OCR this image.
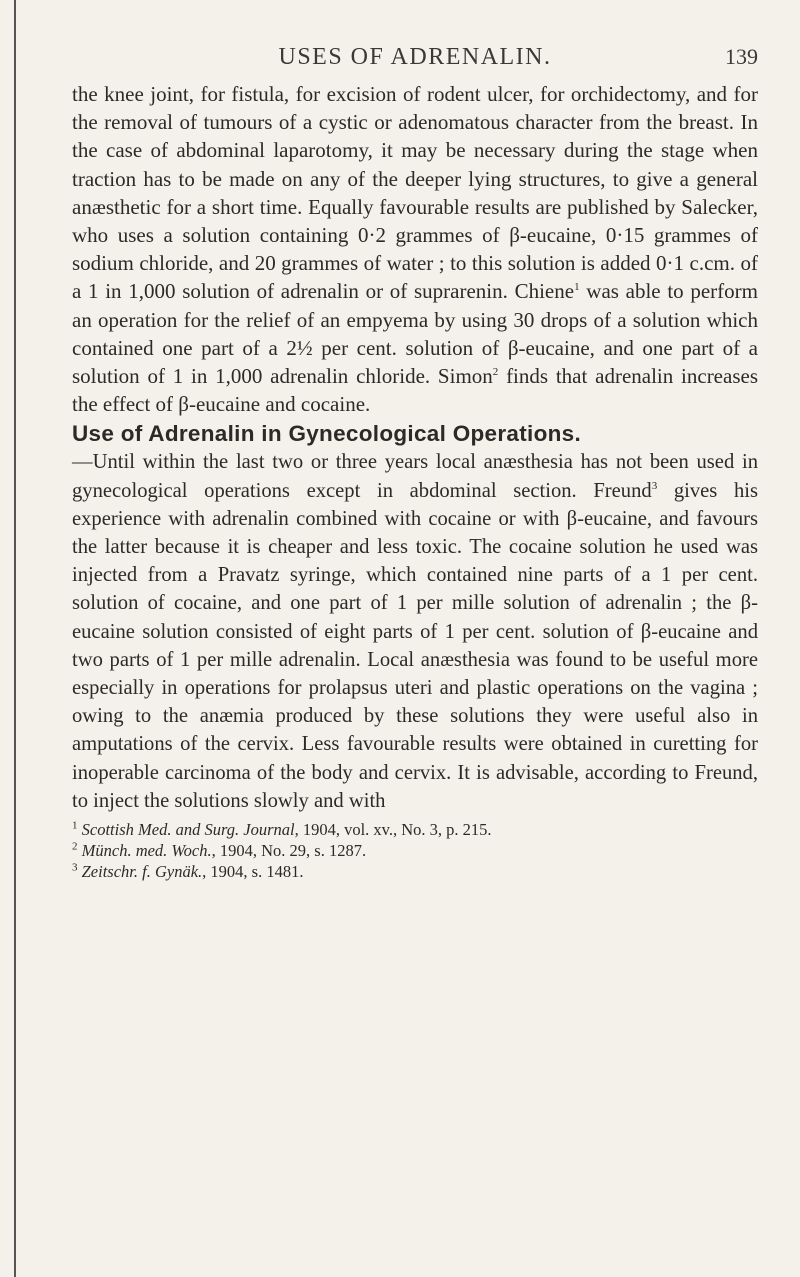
USES OF ADRENALIN.	139

the knee joint, for fistula, for excision of rodent ulcer, for orchidectomy, and for the removal of tumours of a cystic or adenomatous character from the breast. In the case of abdominal laparotomy, it may be necessary during the stage when traction has to be made on any of the deeper lying structures, to give a general anæsthetic for a short time. Equally favourable results are published by Salecker, who uses a solution containing 0·2 grammes of β-eucaine, 0·15 grammes of sodium chloride, and 20 grammes of water ; to this solution is added 0·1 c.cm. of a 1 in 1,000 solution of adrenalin or of suprarenin. Chiene$^1$ was able to perform an operation for the relief of an empyema by using 30 drops of a solution which contained one part of a 2½ per cent. solution of β-eucaine, and one part of a solution of 1 in 1,000 adrenalin chloride. Simon$^2$ finds that adrenalin increases the effect of β-eucaine and cocaine.

Use of Adrenalin in Gynecological Operations.

—Until within the last two or three years local anæsthesia has not been used in gynecological operations except in abdominal section. Freund$^3$ gives his experience with adrenalin combined with cocaine or with β-eucaine, and favours the latter because it is cheaper and less toxic. The cocaine solution he used was injected from a Pravatz syringe, which contained nine parts of a 1 per cent. solution of cocaine, and one part of 1 per mille solution of adrenalin ; the β-eucaine solution consisted of eight parts of 1 per cent. solution of β-eucaine and two parts of 1 per mille adrenalin. Local anæsthesia was found to be useful more especially in operations for prolapsus uteri and plastic operations on the vagina ; owing to the anæmia produced by these solutions they were useful also in amputations of the cervix. Less favourable results were obtained in curetting for inoperable carcinoma of the body and cervix. It is advisable, according to Freund, to inject the solutions slowly and with

$^1$ Scottish Med. and Surg. Journal, 1904, vol. xv., No. 3, p. 215.

$^2$ Münch. med. Woch., 1904, No. 29, s. 1287.

$^3$ Zeitschr. f. Gynäk., 1904, s. 1481.
